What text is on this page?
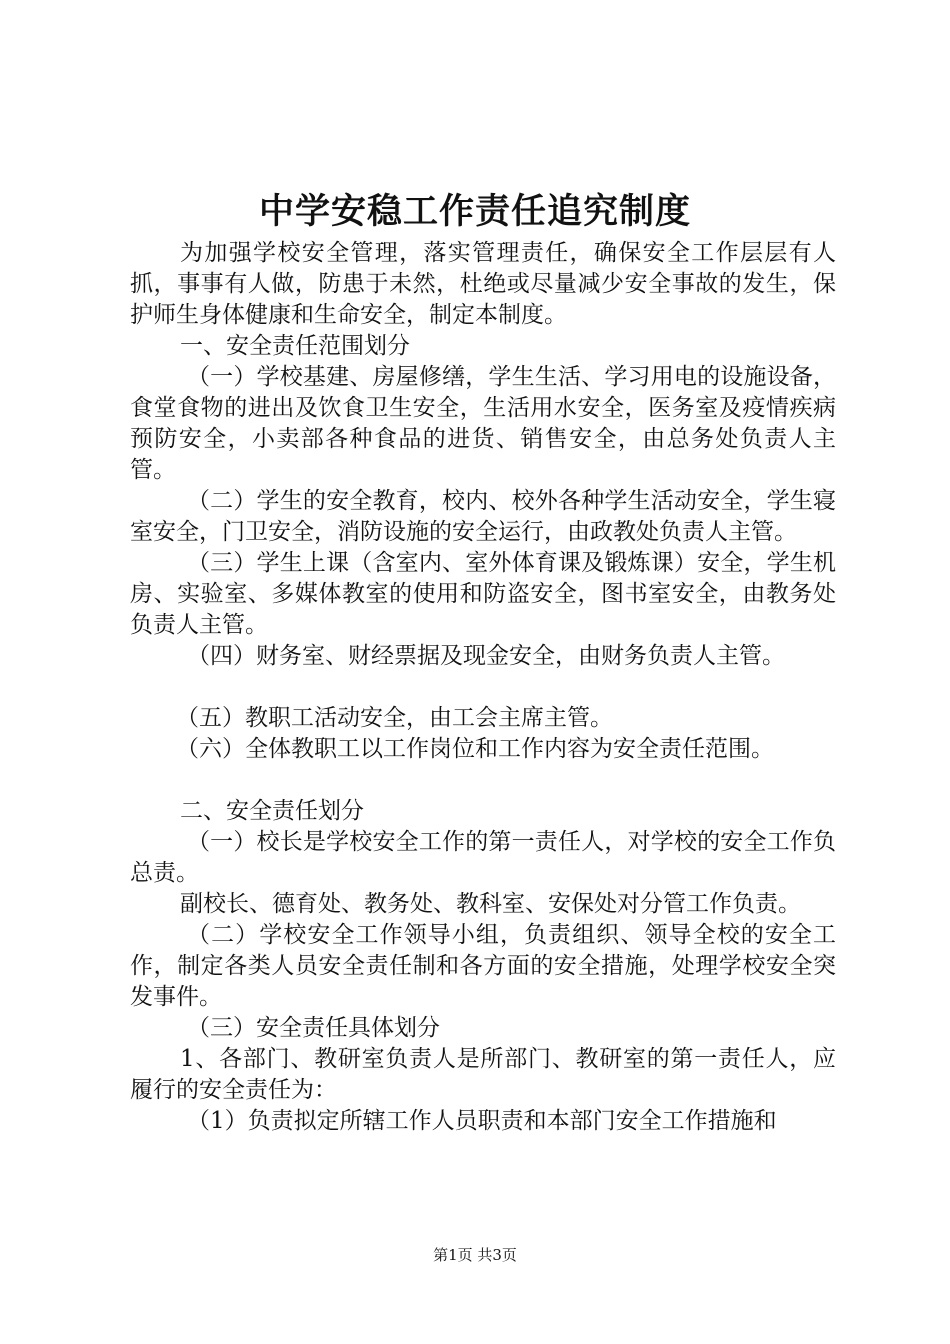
中学安稳工作责任追究制度

为加强学校安全管理，落实管理责任，确保安全工作层层有人抓，事事有人做，防患于未然，杜绝或尽量减少安全事故的发生，保护师生身体健康和生命安全，制定本制度。

一、安全责任范围划分

（一）学校基建、房屋修缮，学生生活、学习用电的设施设备，食堂食物的进出及饮食卫生安全，生活用水安全，医务室及疫情疾病预防安全，小卖部各种食品的进货、销售安全，由总务处负责人主管。

（二）学生的安全教育，校内、校外各种学生活动安全，学生寝室安全，门卫安全，消防设施的安全运行，由政教处负责人主管。

（三）学生上课（含室内、室外体育课及锻炼课）安全，学生机房、实验室、多媒体教室的使用和防盗安全，图书室安全，由教务处负责人主管。

（四）财务室、财经票据及现金安全，由财务负责人主管。

（五）教职工活动安全，由工会主席主管。

（六）全体教职工以工作岗位和工作内容为安全责任范围。

二、安全责任划分

（一）校长是学校安全工作的第一责任人，对学校的安全工作负总责。

副校长、德育处、教务处、教科室、安保处对分管工作负责。

（二）学校安全工作领导小组，负责组织、领导全校的安全工作，制定各类人员安全责任制和各方面的安全措施，处理学校安全突发事件。

（三）安全责任具体划分

1、各部门、教研室负责人是所部门、教研室的第一责任人，应履行的安全责任为：

（1）负责拟定所辖工作人员职责和本部门安全工作措施和

第1页 共3页
